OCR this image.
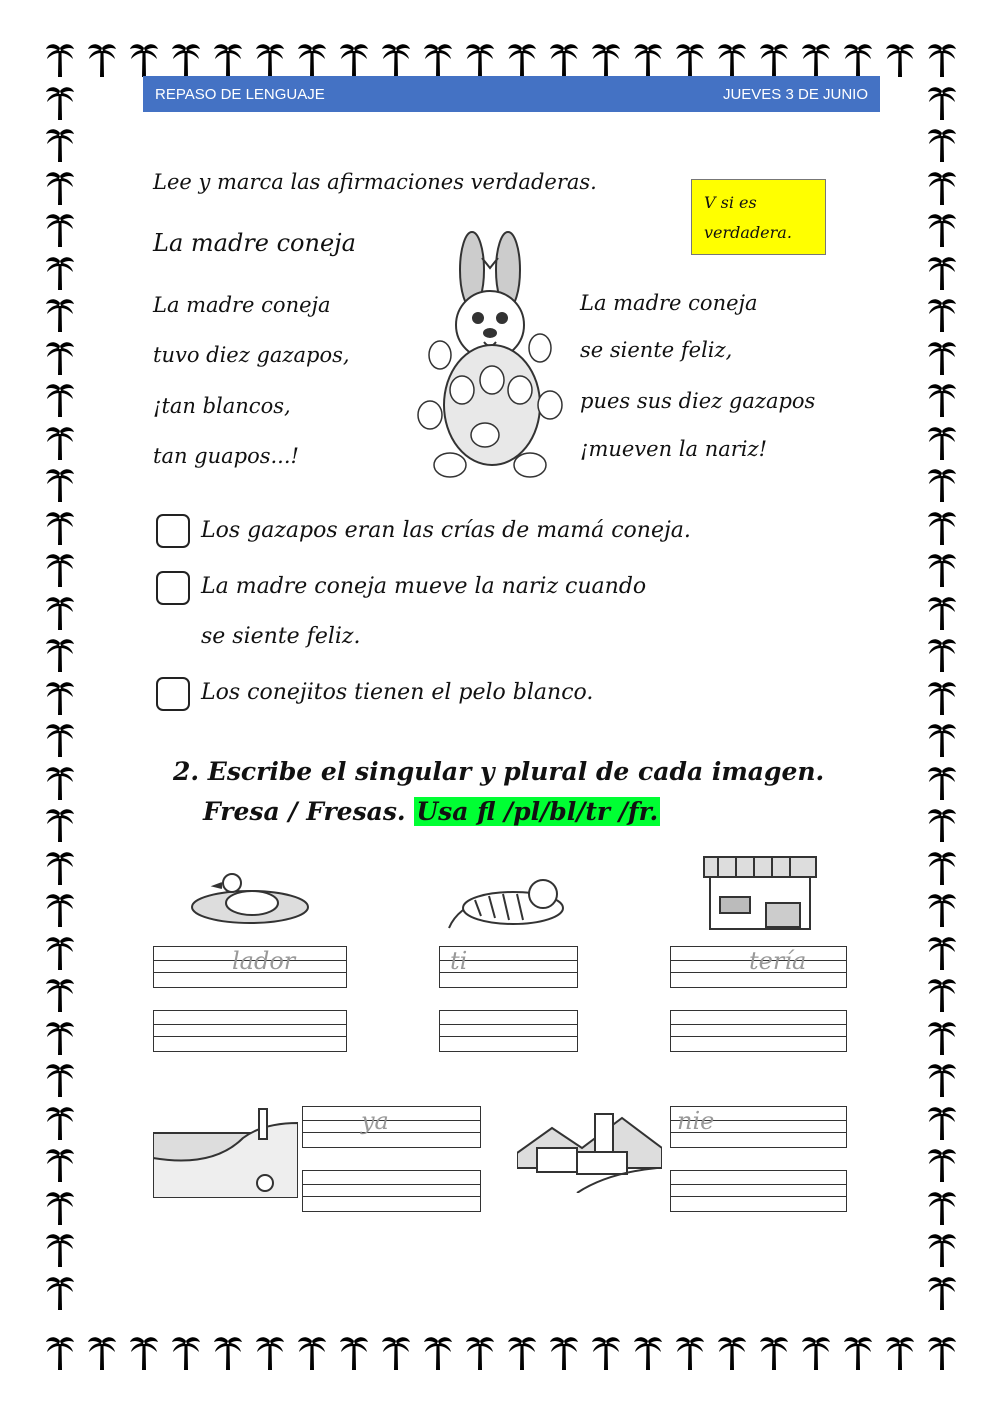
REPASO DE LENGUAJE	JUEVES 3 DE JUNIO
Lee y marca las afirmaciones verdaderas.
V si es verdadera.
La madre coneja
La madre coneja
tuvo diez gazapos,
¡tan blancos,
tan guapos...!
La madre coneja
se siente feliz,
pues sus diez gazapos
¡mueven la nariz!
Los gazapos eran las crías de mamá coneja.
La madre coneja mueve la nariz cuando
se siente feliz.
Los conejitos tienen el pelo blanco.
2. Escribe el singular y plural de cada imagen.
Fresa / Fresas. Usa fl /pl/bl/tr /fr.
lador	ti	tería
ya	nie
